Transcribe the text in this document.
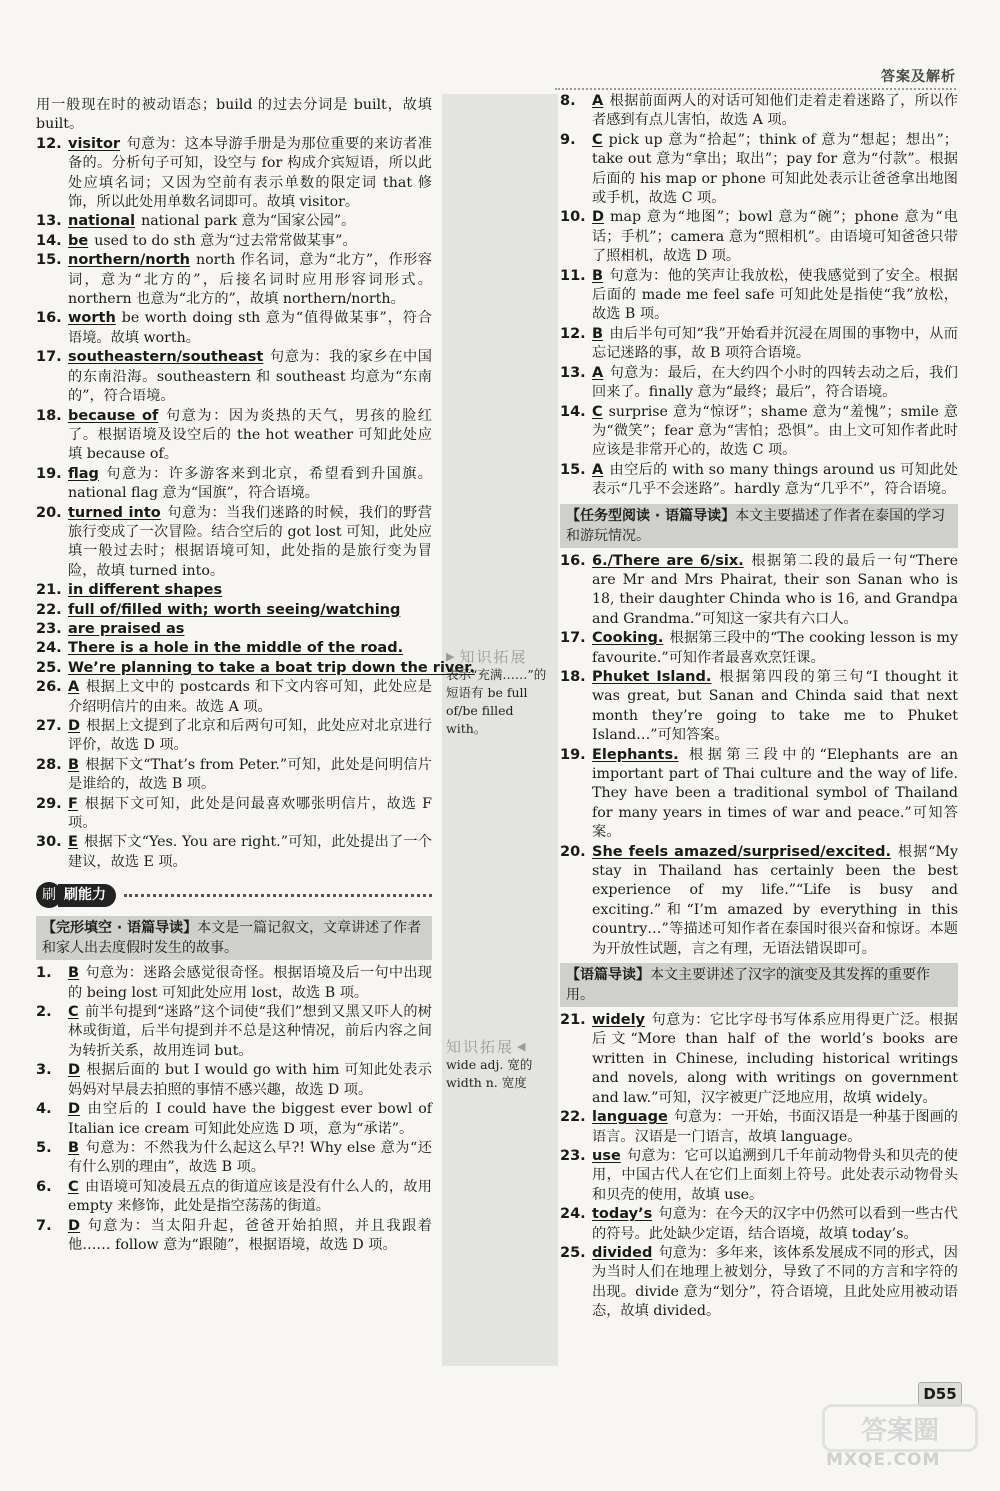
答案及解析

用一般现在时的被动语态；build 的过去分词是 built，故填 built。

12. visitor 句意为：这本导游手册是为那位重要的来访者准备的。分析句子可知，设空与 for 构成介宾短语，所以此处应填名词；又因为空前有表示单数的限定词 that 修饰，所以此处用单数名词即可。故填 visitor。
13. national national park 意为“国家公园”。
14. be used to do sth 意为“过去常常做某事”。
15. northern/north north 作名词，意为“北方”，作形容词，意为“北方的”，后接名词时应用形容词形式。northern 也意为“北方的”，故填 northern/north。
16. worth be worth doing sth 意为“值得做某事”，符合语境。故填 worth。
17. southeastern/southeast 句意为：我的家乡在中国的东南沿海。southeastern 和 southeast 均意为“东南的”，符合语境。
18. because of 句意为：因为炎热的天气，男孩的脸红了。根据语境及设空后的 the hot weather 可知此处应填 because of。
19. flag 句意为：许多游客来到北京，希望看到升国旗。national flag 意为“国旗”，符合语境。
20. turned into 句意为：当我们迷路的时候，我们的野营旅行变成了一次冒险。结合空后的 got lost 可知，此处应填一般过去时；根据语境可知，此处指的是旅行变为冒险，故填 turned into。
21. in different shapes
22. full of/filled with; worth seeing/watching
23. are praised as
24. There is a hole in the middle of the road.
25. We’re planning to take a boat trip down the river.
26. A 根据上文中的 postcards 和下文内容可知，此处应是介绍明信片的由来。故选 A 项。
27. D 根据上文提到了北京和后两句可知，此处应对北京进行评价，故选 D 项。
28. B 根据下文“That’s from Peter.”可知，此处是问明信片是谁给的，故选 B 项。
29. F 根据下文可知，此处是问最喜欢哪张明信片，故选 F 项。
30. E 根据下文“Yes. You are right.”可知，此处提出了一个建议，故选 E 项。
刷 刷能力
【完形填空 · 语篇导读】本文是一篇记叙文，文章讲述了作者和家人出去度假时发生的故事。
1.	B 句意为：迷路会感觉很奇怪。根据语境及后一句中出现的 being lost 可知此处应用 lost，故选 B 项。
2.	C 前半句提到“迷路”这个词使“我们”想到又黑又吓人的树林或街道，后半句提到并不总是这种情况，前后内容之间为转折关系，故用连词 but。
3.	D 根据后面的 but I would go with him 可知此处表示妈妈对早晨去拍照的事情不感兴趣，故选 D 项。
4.	D 由空后的 I could have the biggest ever bowl of Italian ice cream 可知此处应选 D 项，意为“承诺”。
5.	B 句意为：不然我为什么起这么早?! Why else 意为“还有什么别的理由”，故选 B 项。
6.	C 由语境可知凌晨五点的街道应该是没有什么人的，故用 empty 来修饰，此处是指空荡荡的街道。
7.	D 句意为：当太阳升起，爸爸开始拍照，并且我跟着他…… follow 意为“跟随”，根据语境，故选 D 项。
▶ 知识拓展
表示“充满……”的短语有 be full of/be filled with。
知识拓展 ◀
wide adj. 宽的 width n. 宽度
8.	A 根据前面两人的对话可知他们走着走着迷路了，所以作者感到有点儿害怕，故选 A 项。
9.	C pick up 意为“拾起”；think of 意为“想起；想出”；take out 意为“拿出；取出”；pay for 意为“付款”。根据后面的 his map or phone 可知此处表示让爸爸拿出地图或手机，故选 C 项。
10. D map 意为“地图”；bowl 意为“碗”；phone 意为“电话；手机”；camera 意为“照相机”。由语境可知爸爸只带了照相机，故选 D 项。
11. B 句意为：他的笑声让我放松，使我感觉到了安全。根据后面的 made me feel safe 可知此处是指使“我”放松，故选 B 项。
12. B 由后半句可知“我”开始看并沉浸在周围的事物中，从而忘记迷路的事，故 B 项符合语境。
13. A 句意为：最后，在大约四个小时的四转去动之后，我们回来了。finally 意为“最终；最后”，符合语境。
14. C surprise 意为“惊讶”；shame 意为“羞愧”；smile 意为“微笑”；fear 意为“害怕；恐惧”。由上文可知作者此时应该是非常开心的，故选 C 项。
15. A 由空后的 with so many things around us 可知此处表示“几乎不会迷路”。hardly 意为“几乎不”，符合语境。
【任务型阅读 · 语篇导读】本文主要描述了作者在泰国的学习和游玩情况。
16. 6./There are 6/six. 根据第二段的最后一句“There are Mr and Mrs Phairat, their son Sanan who is 18, their daughter Chinda who is 16, and Grandpa and Grandma.”可知这一家共有六口人。
17. Cooking. 根据第三段中的“The cooking lesson is my favourite.”可知作者最喜欢烹饪课。
18. Phuket Island. 根据第四段的第三句“I thought it was great, but Sanan and Chinda said that next month they’re going to take me to Phuket Island…”可知答案。
19. Elephants. 根据第三段中的“Elephants are an important part of Thai culture and the way of life. They have been a traditional symbol of Thailand for many years in times of war and peace.”可知答案。
20. She feels amazed/surprised/excited. 根据“My stay in Thailand has certainly been the best experience of my life.”“Life is busy and exciting.”和“I’m amazed by everything in this country…”等描述可知作者在泰国时很兴奋和惊讶。本题为开放性试题，言之有理，无语法错误即可。
【语篇导读】本文主要讲述了汉字的演变及其发挥的重要作用。
21. widely 句意为：它比字母书写体系应用得更广泛。根据后文“More than half of the world’s books are written in Chinese, including historical writings and novels, along with writings on government and law.”可知，汉字被更广泛地应用，故填 widely。
22. language 句意为：一开始，书面汉语是一种基于图画的语言。汉语是一门语言，故填 language。
23. use 句意为：它可以追溯到几千年前动物骨头和贝壳的使用，中国古代人在它们上面刻上符号。此处表示动物骨头和贝壳的使用，故填 use。
24. today’s 句意为：在今天的汉字中仍然可以看到一些古代的符号。此处缺少定语，结合语境，故填 today’s。
25. divided 句意为：多年来，该体系发展成不同的形式，因为当时人们在地理上被划分，导致了不同的方言和字符的出现。divide 意为“划分”，符合语境，且此处应用被动语态，故填 divided。
D55
答案圈
MXQE.COM
